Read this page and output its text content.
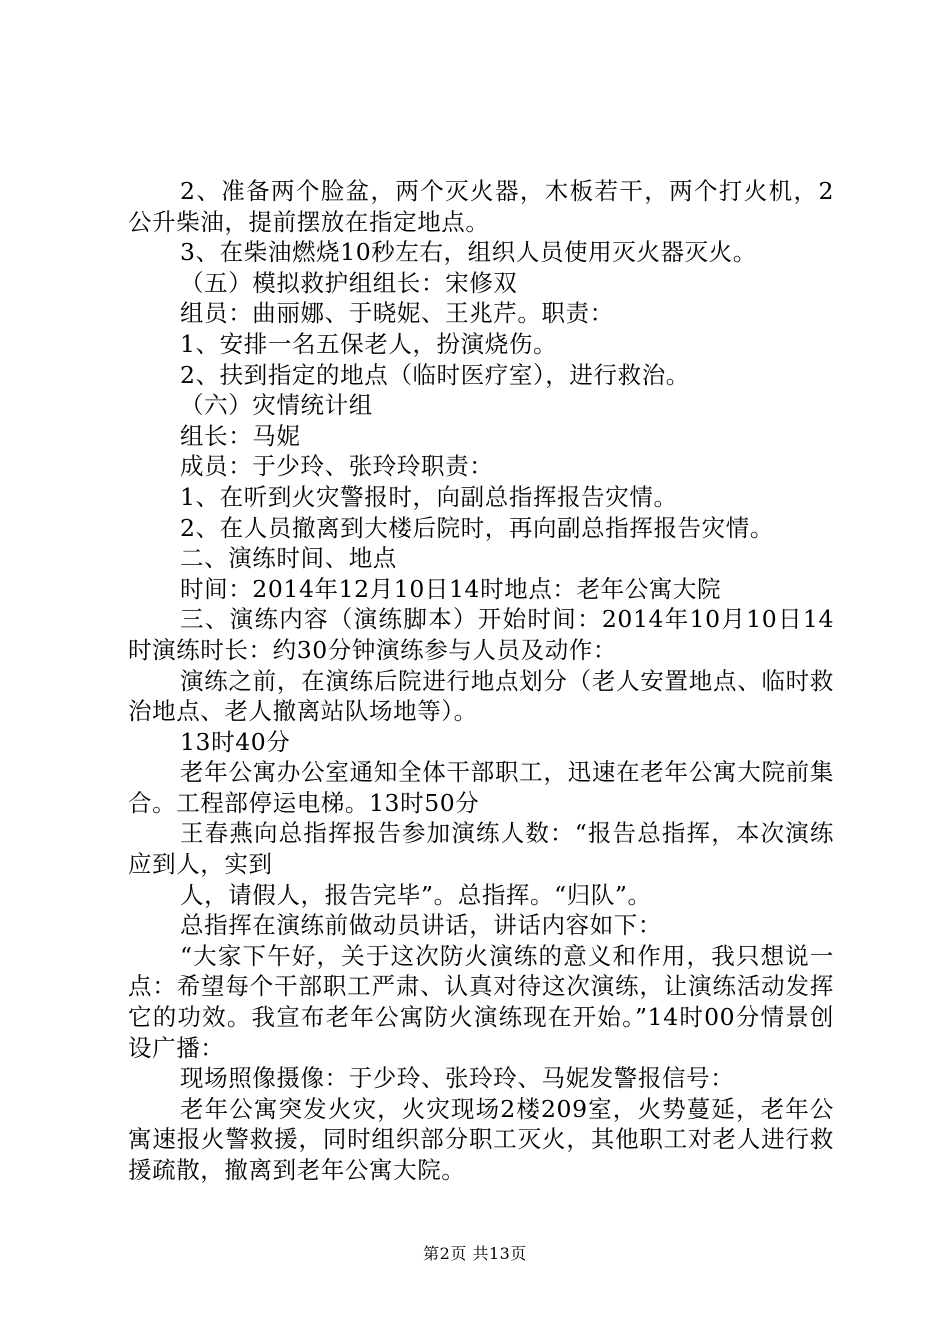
2、准备两个脸盆，两个灭火器，木板若干，两个打火机，2公升柴油，提前摆放在指定地点。

3、在柴油燃烧10秒左右，组织人员使用灭火器灭火。

（五）模拟救护组组长：宋修双

组员：曲丽娜、于晓妮、王兆芹。职责：

1、安排一名五保老人，扮演烧伤。

2、扶到指定的地点（临时医疗室），进行救治。

（六）灾情统计组

组长：马妮

成员：于少玲、张玲玲职责：

1、在听到火灾警报时，向副总指挥报告灾情。

2、在人员撤离到大楼后院时，再向副总指挥报告灾情。

二、演练时间、地点

时间：2014年12月10日14时地点：老年公寓大院

三、演练内容（演练脚本）开始时间：2014年10月10日14时演练时长：约30分钟演练参与人员及动作：

演练之前，在演练后院进行地点划分（老人安置地点、临时救治地点、老人撤离站队场地等）。

13时40分

老年公寓办公室通知全体干部职工，迅速在老年公寓大院前集合。工程部停运电梯。13时50分

王春燕向总指挥报告参加演练人数：“报告总指挥，本次演练应到人，实到

人，请假人，报告完毕”。总指挥。“归队”。

总指挥在演练前做动员讲话，讲话内容如下：

“大家下午好，关于这次防火演练的意义和作用，我只想说一点：希望每个干部职工严肃、认真对待这次演练，让演练活动发挥它的功效。我宣布老年公寓防火演练现在开始。”14时00分情景创设广播：

现场照像摄像：于少玲、张玲玲、马妮发警报信号：

老年公寓突发火灾，火灾现场2楼209室，火势蔓延，老年公寓速报火警救援，同时组织部分职工灭火，其他职工对老人进行救援疏散，撤离到老年公寓大院。

第2页 共13页
